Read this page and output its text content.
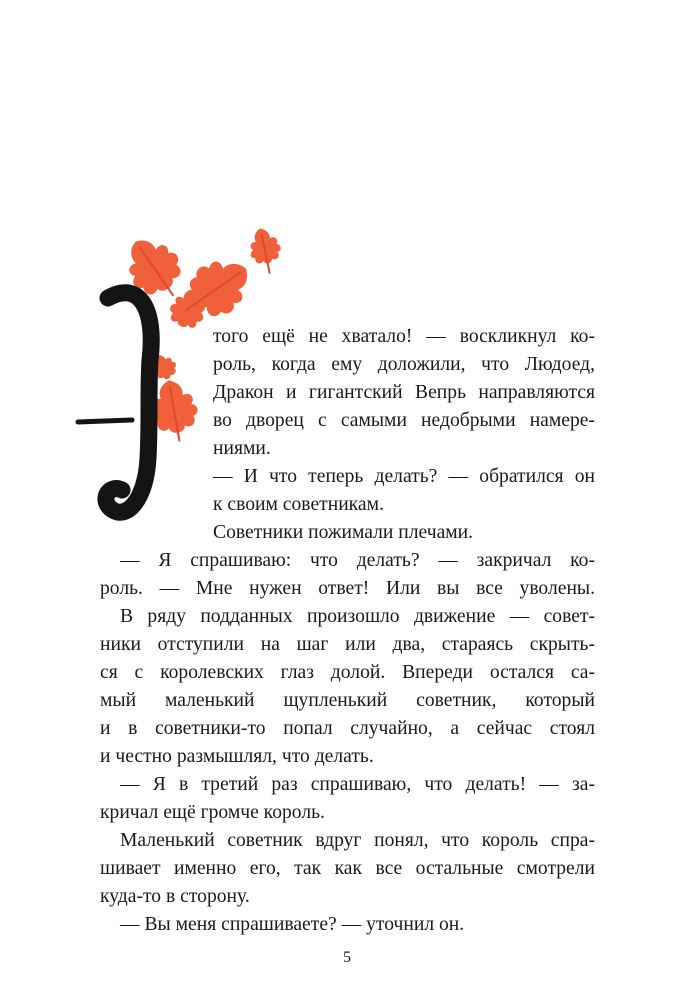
того ещё не хватало! — воскликнул ко-

роль, когда ему доложили, что Людоед,

Дракон и гигантский Вепрь направляются

во дворец с самыми недобрыми намере-

ниями.

— И что теперь делать? — обратился он

к своим советникам.

Советники пожимали плечами.

— Я спрашиваю: что делать? — закричал ко-

роль. — Мне нужен ответ! Или вы все уволены.

В ряду подданных произошло движение — совет-

ники отступили на шаг или два, стараясь скрыть-

ся с королевских глаз долой. Впереди остался са-

мый маленький щупленький советник, который

и в советники-то попал случайно, а сейчас стоял

и честно размышлял, что делать.

— Я в третий раз спрашиваю, что делать! — за-

кричал ещё громче король.

Маленький советник вдруг понял, что король спра-

шивает именно его, так как все остальные смотрели

куда-то в сторону.

— Вы меня спрашиваете? — уточнил он.

5
